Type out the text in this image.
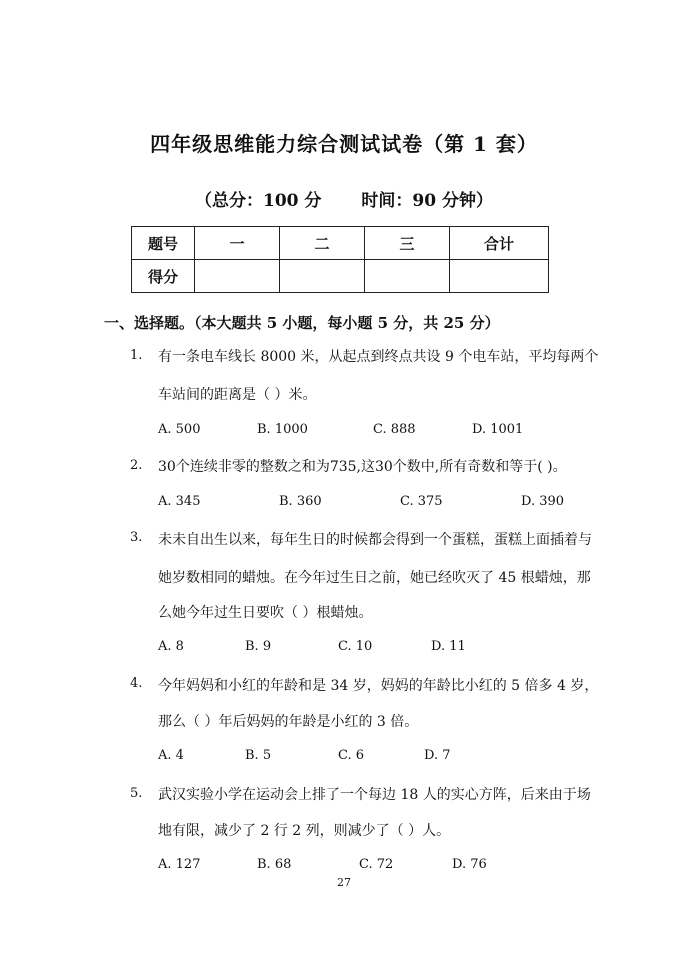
四年级思维能力综合测试试卷（第 1 套）
（总分：100 分 时间：90 分钟）
题号	一	二	三	合计
得分				
一、选择题。（本大题共 5 小题，每小题 5 分，共 25 分）
1. 有一条电车线长 8000 米，从起点到终点共设 9 个电车站，平均每两个
车站间的距离是（ ）米。
A. 500	B. 1000	C. 888	D. 1001
2. 30个连续非零的整数之和为735,这30个数中,所有奇数和等于( )。
A. 345	B. 360	C. 375	D. 390
3. 未未自出生以来，每年生日的时候都会得到一个蛋糕，蛋糕上面插着与
她岁数相同的蜡烛。在今年过生日之前，她已经吹灭了 45 根蜡烛，那
么她今年过生日要吹（ ）根蜡烛。
A. 8	B. 9	C. 10	D. 11
4. 今年妈妈和小红的年龄和是 34 岁，妈妈的年龄比小红的 5 倍多 4 岁，
那么（ ）年后妈妈的年龄是小红的 3 倍。
A. 4	B. 5	C. 6	D. 7
5. 武汉实验小学在运动会上排了一个每边 18 人的实心方阵，后来由于场
地有限，减少了 2 行 2 列，则减少了（ ）人。
A. 127	B. 68	C. 72	D. 76
27
